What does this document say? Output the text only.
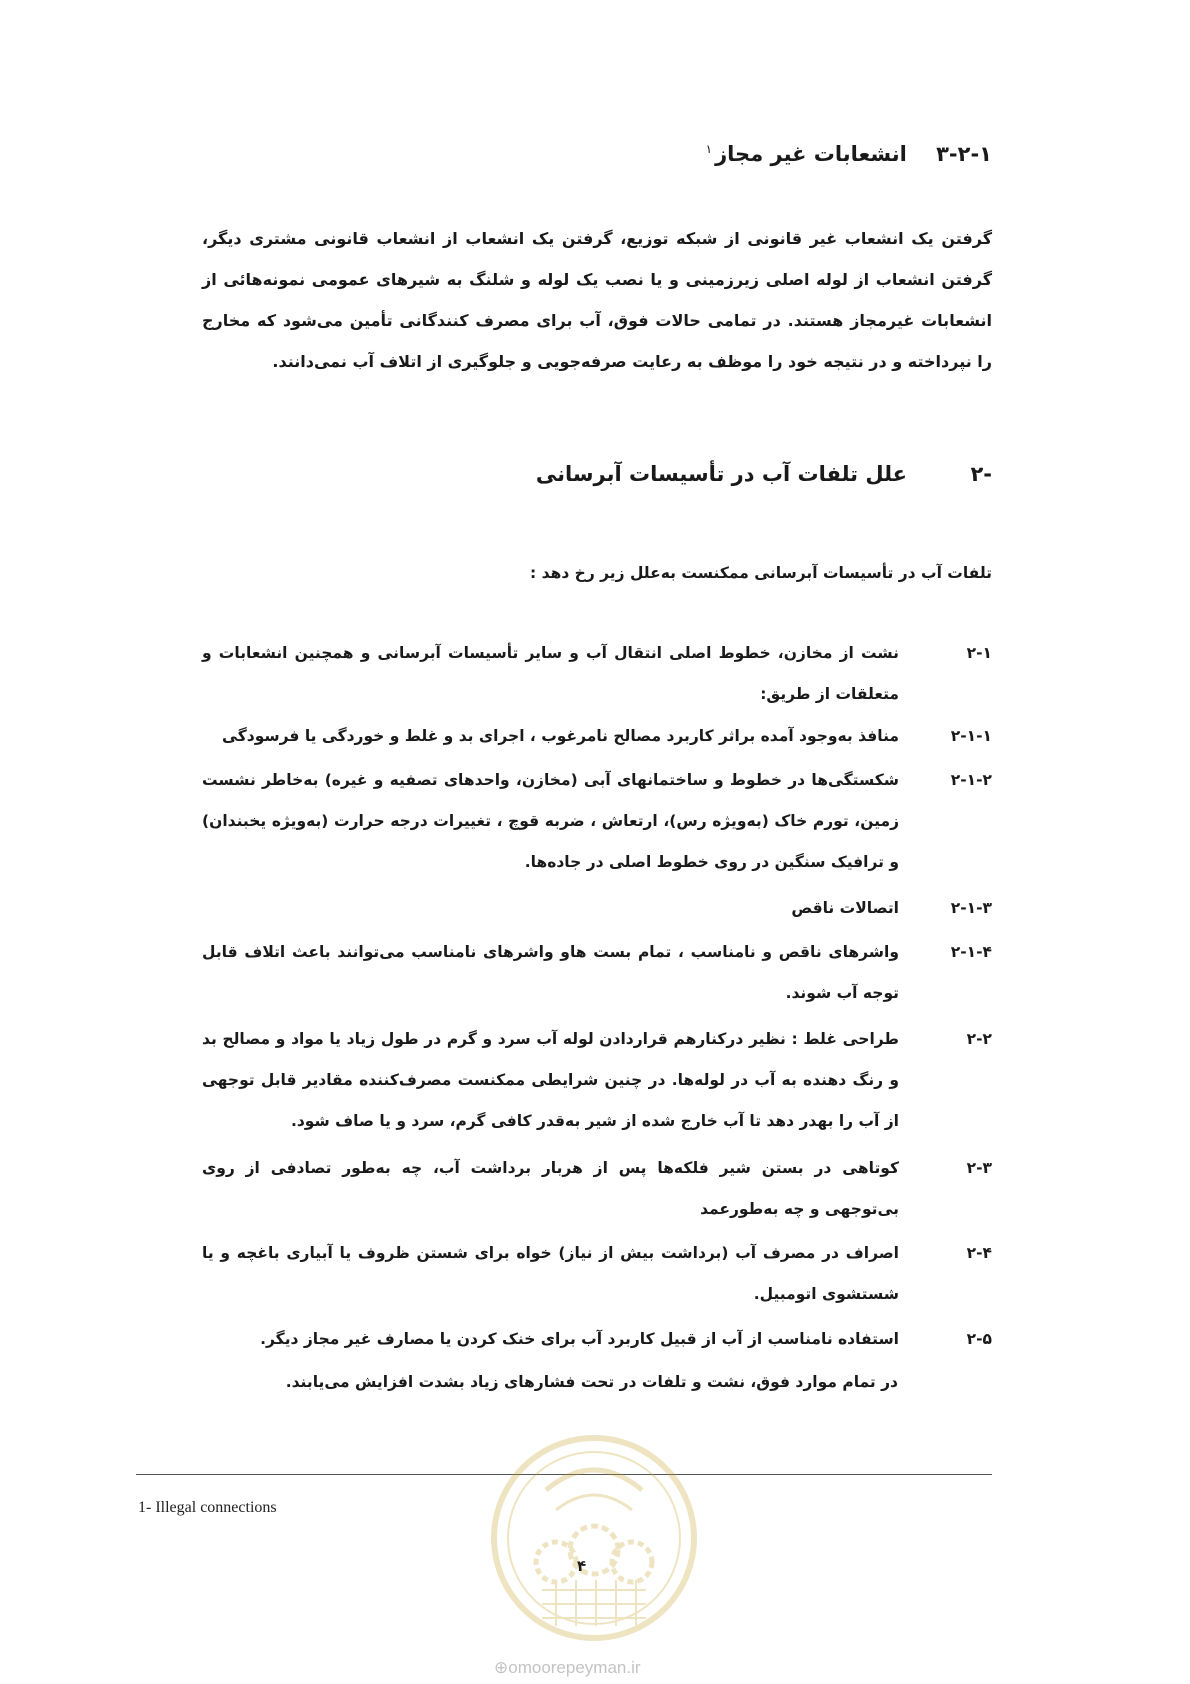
۳-۲-۱    انشعابات غیر مجاز$^۱$
گرفتن یک انشعاب غیر قانونی از شبکه توزیع، گرفتن یک انشعاب از انشعاب قانونی مشتری دیگر، گرفتن انشعاب از لوله اصلی زیرزمینی و یا نصب یک لوله و شلنگ به شیرهای عمومی نمونه‌هائی از انشعابات غیرمجاز هستند. در تمامی حالات فوق، آب برای مصرف کنندگانی تأمین می‌شود که مخارج را نپرداخته و در نتیجه خود را موظف به رعایت صرفه‌جویی و جلوگیری از اتلاف آب نمی‌دانند.
-۲علل تلفات آب در تأسیسات آبرسانی
تلفات آب در تأسیسات آبرسانی ممکنست به‌علل زیر رخ دهد :
۲-۱
نشت از مخازن، خطوط اصلی انتقال آب و سایر تأسیسات آبرسانی و همچنین انشعابات و متعلقات از طریق:
۲-۱-۱
منافذ به‌وجود آمده براثر کاربرد مصالح نامرغوب ، اجرای بد و غلط و خوردگی یا فرسودگی
۲-۱-۲
شکستگی‌ها در خطوط و ساختمانهای آبی (مخازن، واحدهای تصفیه و غیره) به‌خاطر نشست زمین، تورم خاک (به‌ویژه رس)، ارتعاش ، ضربه قوچ ، تغییرات درجه حرارت (به‌ویژه یخبندان) و ترافیک سنگین در روی خطوط اصلی در جاده‌ها.
۲-۱-۳
اتصالات ناقص
۲-۱-۴
واشرهای ناقص و نامناسب ، تمام بست هاو واشرهای نامناسب می‌توانند باعث اتلاف قابل توجه آب شوند.
۲-۲
طراحی غلط : نظیر درکنارهم قراردادن لوله آب سرد و گرم در طول زیاد یا مواد و مصالح بد و رنگ دهنده به آب در لوله‌ها. در چنین شرایطی ممکنست مصرف‌کننده مقادیر قابل توجهی از آب را بهدر دهد تا آب خارج شده از شیر به‌قدر کافی گرم، سرد و یا صاف شود.
۲-۳
کوتاهی در بستن شیر فلکه‌ها پس از هربار برداشت آب، چه به‌طور تصادفی از روی بی‌توجهی و چه به‌طورعمد
۲-۴
اصراف در مصرف آب (برداشت بیش از نیاز) خواه برای شستن ظروف یا آبیاری باغچه و یا شستشوی اتومبیل.
۲-۵
استفاده نامناسب از آب از قبیل کاربرد آب برای خنک کردن یا مصارف غیر مجاز دیگر.
در تمام موارد فوق، نشت و تلفات در تحت فشارهای زیاد بشدت افزایش می‌یابند.
1- Illegal connections
۴
⊕omoorepeyman.ir
